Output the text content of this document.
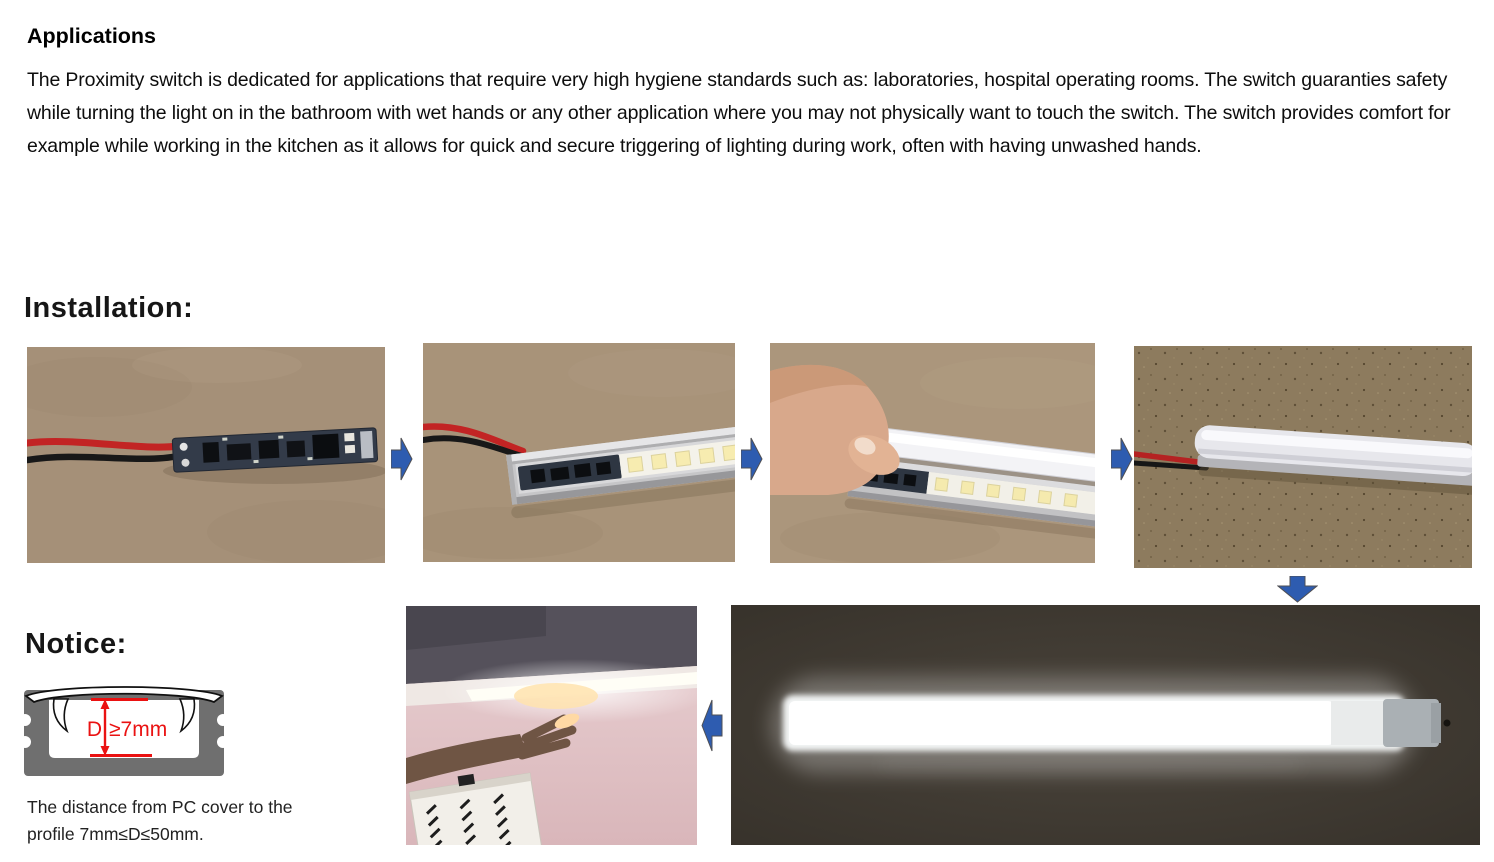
Applications
The Proximity switch is dedicated for applications that require very high hygiene standards such as: laboratories, hospital operating rooms. The switch guaranties safety while turning the light on in the bathroom with wet hands or any other application where you may not physically want to touch the switch. The switch provides comfort for example while working in the kitchen as it allows for quick and secure triggering of lighting during work, often with having unwashed hands.
Installation:
Notice:
D ≥7mm
The distance from PC cover to the
profile 7mm≤D≤50mm.
